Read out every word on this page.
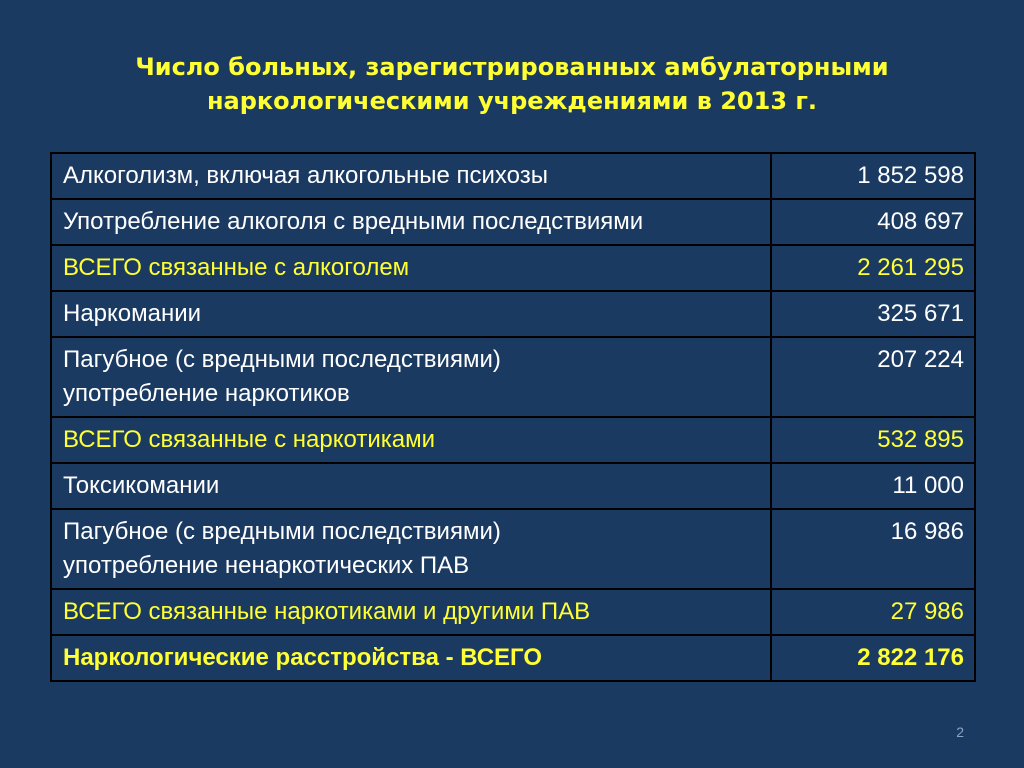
Число больных, зарегистрированных амбулаторными
наркологическими учреждениями в 2013 г.
Алкоголизм, включая алкогольные психозы	1 852 598

Употребление алкоголя с вредными последствиями	408 697

ВСЕГО связанные с алкоголем	2 261 295

Наркомании	325 671

Пагубное (с вредными последствиями)
употребление наркотиков	207 224

ВСЕГО связанные с наркотиками	532 895

Токсикомании	11 000

Пагубное (с вредными последствиями)
употребление ненаркотических ПАВ	16 986

ВСЕГО связанные наркотиками и другими ПАВ	27 986

Наркологические расстройства - ВСЕГО	2 822 176
2
